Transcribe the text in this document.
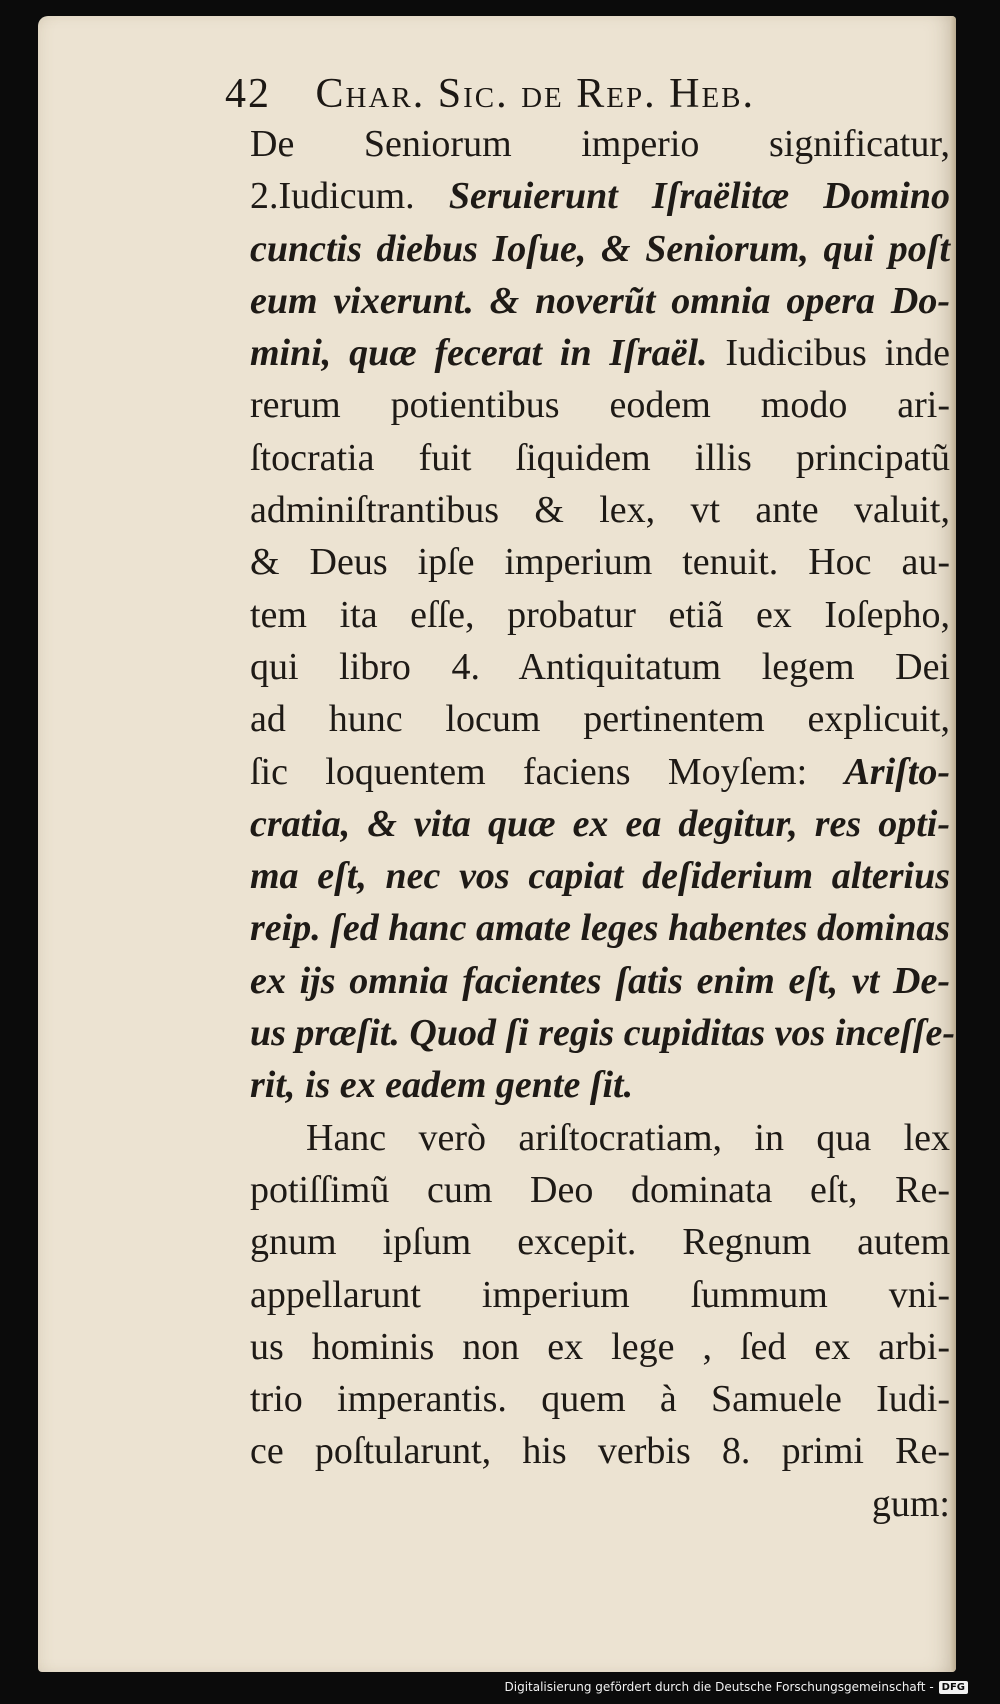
42 Char. Sic. de Rep. Heb.
De Seniorum imperio significatur,
2.Iudicum. Seruierunt Iſraëlitæ Domino
cunctis diebus Ioſue, & Seniorum, qui poſt
eum vixerunt. & noverũt omnia opera Do-
mini, quæ fecerat in Iſraël. Iudicibus inde
rerum potientibus eodem modo ari-
ſtocratia fuit ſiquidem illis principatũ
adminiſtrantibus & lex, vt ante valuit,
& Deus ipſe imperium tenuit. Hoc au-
tem ita eſſe, probatur etiã ex Ioſepho,
qui libro 4. Antiquitatum legem Dei
ad hunc locum pertinentem explicuit,
ſic loquentem faciens Moyſem: Ariſto-
cratia, & vita quæ ex ea degitur, res opti-
ma eſt, nec vos capiat deſiderium alterius
reip. ſed hanc amate leges habentes dominas
ex ijs omnia facientes ſatis enim eſt, vt De-
us præſit. Quod ſi regis cupiditas vos inceſſe-
rit, is ex eadem gente ſit.
Hanc verò ariſtocratiam, in qua lex
potiſſimũ cum Deo dominata eſt, Re-
gnum ipſum excepit. Regnum autem
appellarunt imperium ſummum vni-
us hominis non ex lege , ſed ex arbi-
trio imperantis. quem à Samuele Iudi-
ce poſtularunt, his verbis 8. primi Re-
gum:
Digitalisierung gefördert durch die Deutsche Forschungsgemeinschaft - DFG
